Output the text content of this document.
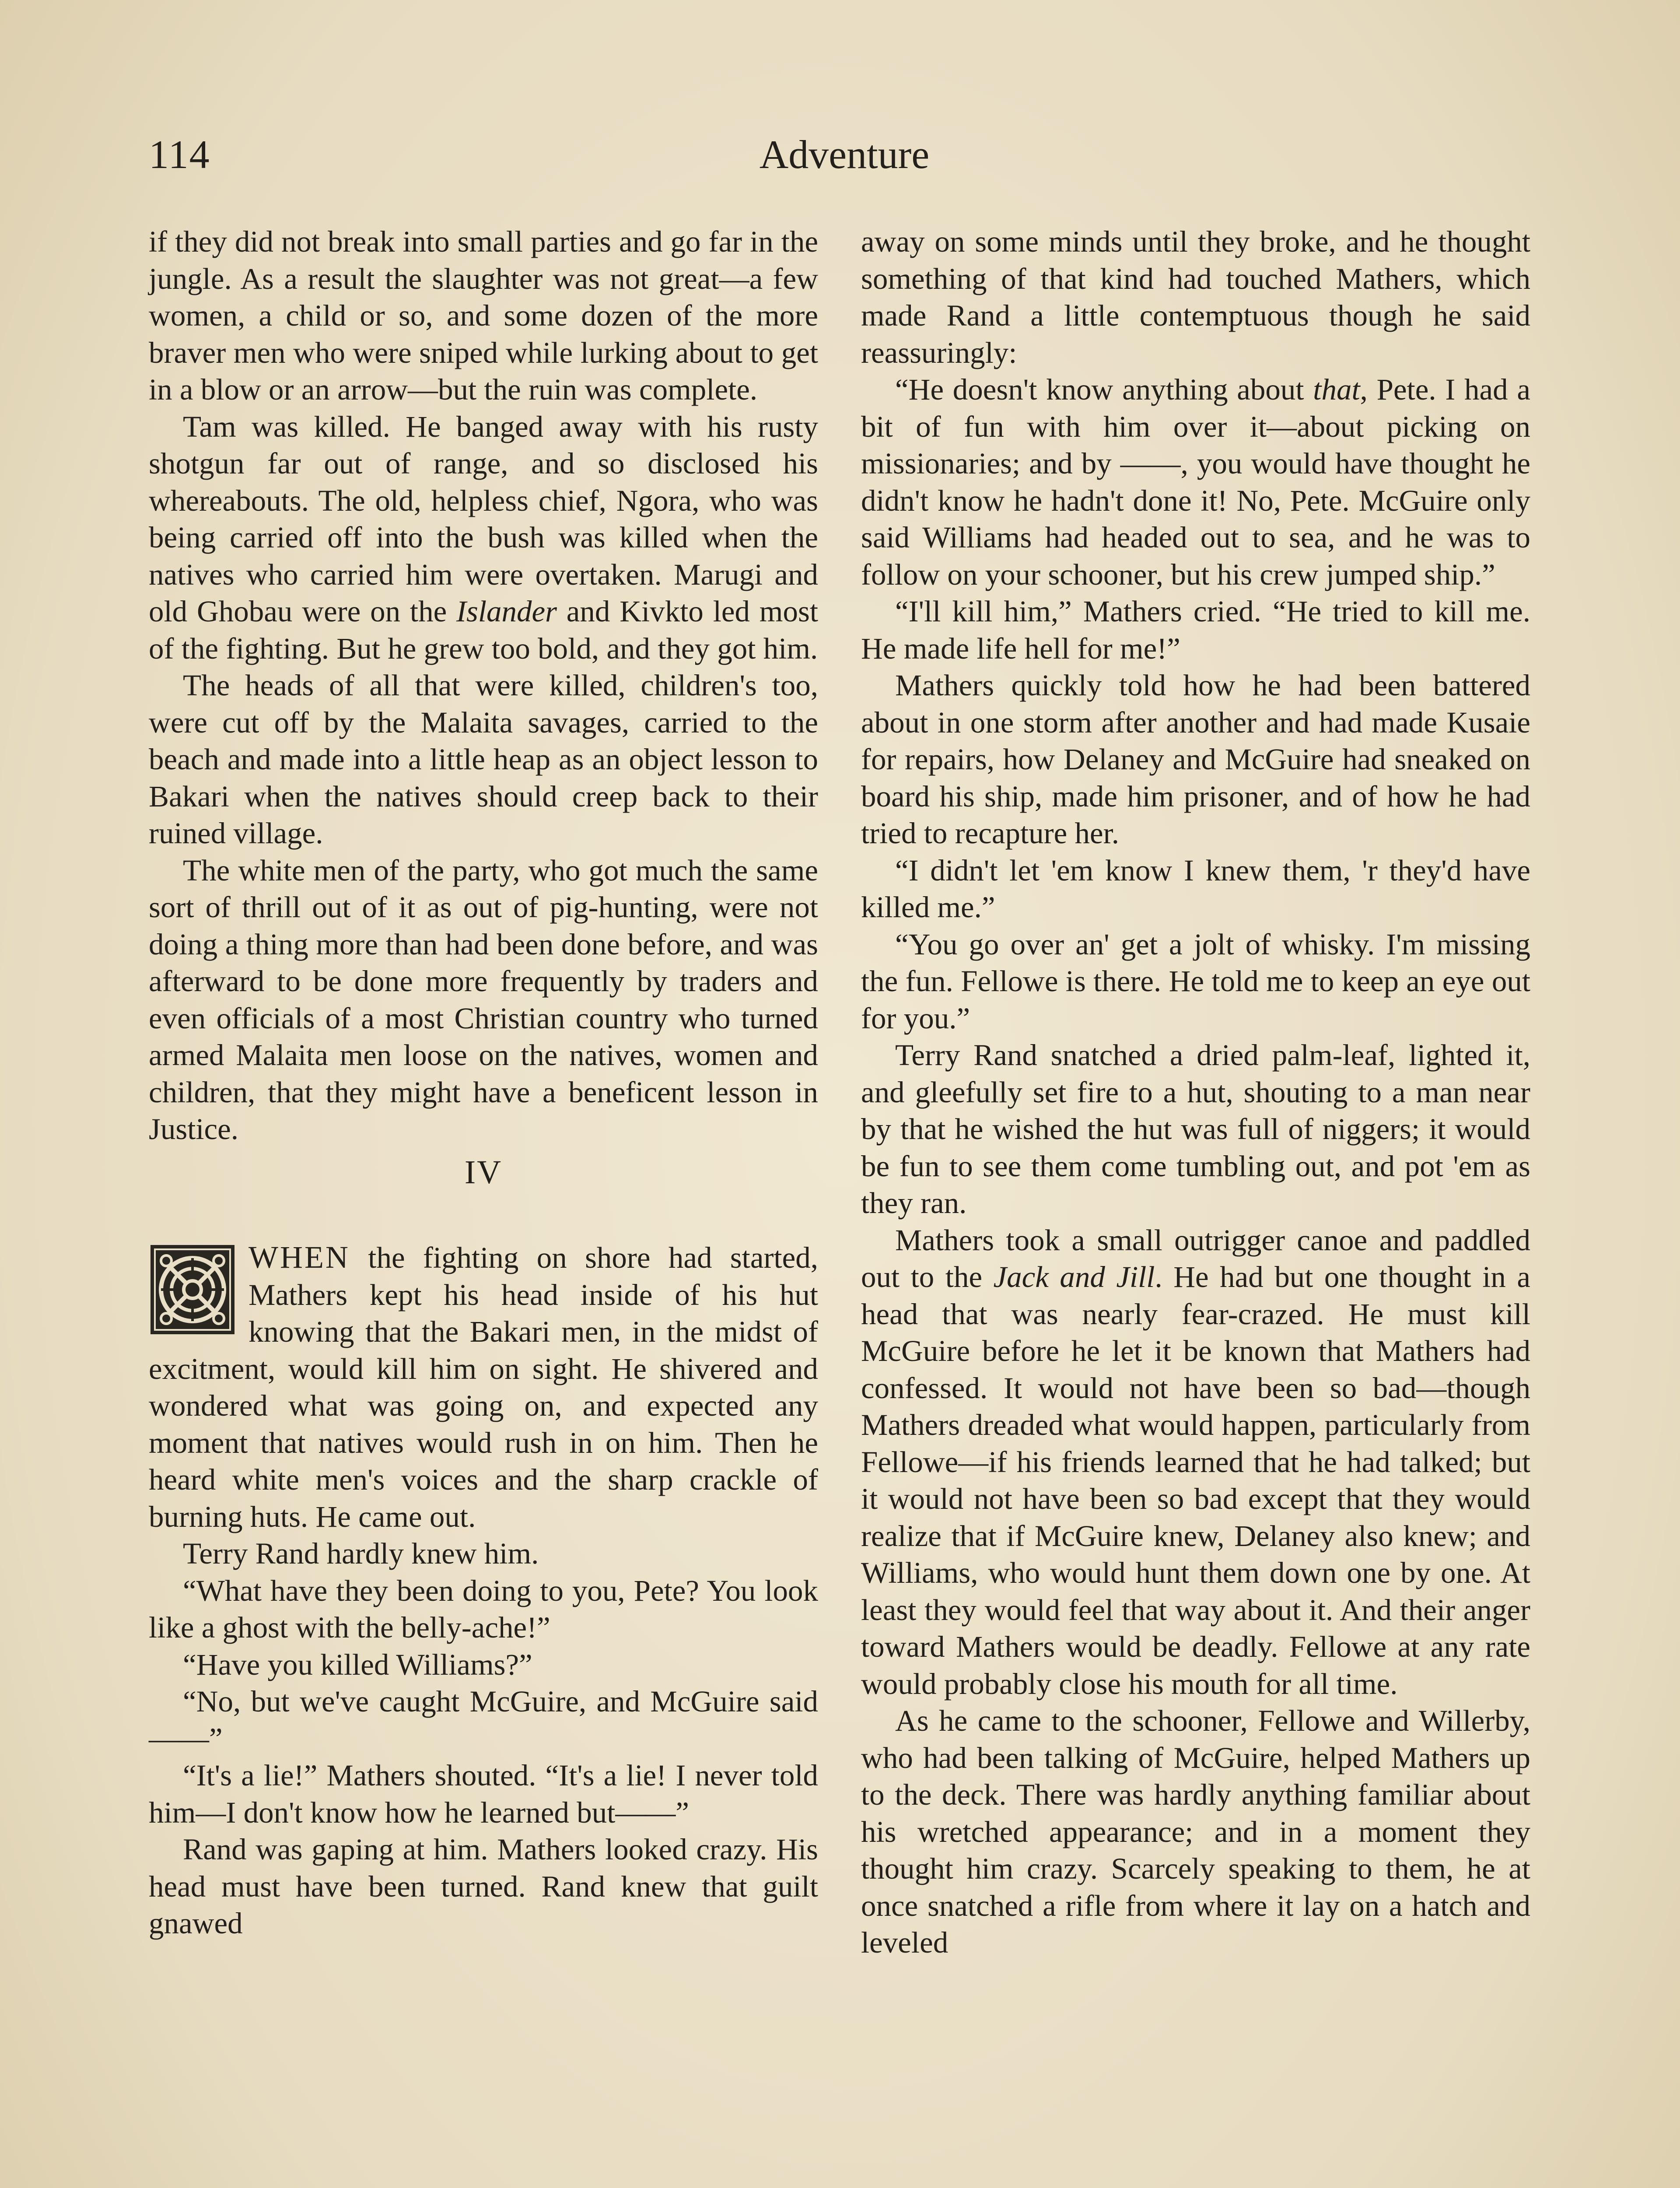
114	Adventure

if they did not break into small parties and go far in the jungle. As a result the slaughter was not great—a few women, a child or so, and some dozen of the more braver men who were sniped while lurking about to get in a blow or an arrow—but the ruin was complete.

Tam was killed. He banged away with his rusty shotgun far out of range, and so disclosed his whereabouts. The old, helpless chief, Ngora, who was being carried off into the bush was killed when the natives who carried him were overtaken. Marugi and old Ghobau were on the Islander and Kivkto led most of the fighting. But he grew too bold, and they got him.

The heads of all that were killed, children's too, were cut off by the Malaita savages, carried to the beach and made into a little heap as an object lesson to Bakari when the natives should creep back to their ruined village.

The white men of the party, who got much the same sort of thrill out of it as out of pig-hunting, were not doing a thing more than had been done before, and was afterward to be done more frequently by traders and even officials of a most Christian country who turned armed Malaita men loose on the natives, women and children, that they might have a beneficent lesson in Justice.

IV

WHEN the fighting on shore had started, Mathers kept his head inside of his hut knowing that the Bakari men, in the midst of excitment, would kill him on sight. He shivered and wondered what was going on, and expected any moment that natives would rush in on him. Then he heard white men's voices and the sharp crackle of burning huts. He came out.

Terry Rand hardly knew him.

“What have they been doing to you, Pete? You look like a ghost with the belly-ache!”

“Have you killed Williams?”

“No, but we've caught McGuire, and McGuire said——”

“It's a lie!” Mathers shouted. “It's a lie! I never told him—I don't know how he learned but——”

Rand was gaping at him. Mathers looked crazy. His head must have been turned. Rand knew that guilt gnawed

away on some minds until they broke, and he thought something of that kind had touched Mathers, which made Rand a little contemptuous though he said reassuringly:

“He doesn't know anything about that, Pete. I had a bit of fun with him over it—about picking on missionaries; and by ——, you would have thought he didn't know he hadn't done it! No, Pete. McGuire only said Williams had headed out to sea, and he was to follow on your schooner, but his crew jumped ship.”

“I'll kill him,” Mathers cried. “He tried to kill me. He made life hell for me!”

Mathers quickly told how he had been battered about in one storm after another and had made Kusaie for repairs, how Delaney and McGuire had sneaked on board his ship, made him prisoner, and of how he had tried to recapture her.

“I didn't let 'em know I knew them, 'r they'd have killed me.”

“You go over an' get a jolt of whisky. I'm missing the fun. Fellowe is there. He told me to keep an eye out for you.”

Terry Rand snatched a dried palm-leaf, lighted it, and gleefully set fire to a hut, shouting to a man near by that he wished the hut was full of niggers; it would be fun to see them come tumbling out, and pot 'em as they ran.

Mathers took a small outrigger canoe and paddled out to the Jack and Jill. He had but one thought in a head that was nearly fear-crazed. He must kill McGuire before he let it be known that Mathers had confessed. It would not have been so bad—though Mathers dreaded what would happen, particularly from Fellowe—if his friends learned that he had talked; but it would not have been so bad except that they would realize that if McGuire knew, Delaney also knew; and Williams, who would hunt them down one by one. At least they would feel that way about it. And their anger toward Mathers would be deadly. Fellowe at any rate would probably close his mouth for all time.

As he came to the schooner, Fellowe and Willerby, who had been talking of McGuire, helped Mathers up to the deck. There was hardly anything familiar about his wretched appearance; and in a moment they thought him crazy. Scarcely speaking to them, he at once snatched a rifle from where it lay on a hatch and leveled
